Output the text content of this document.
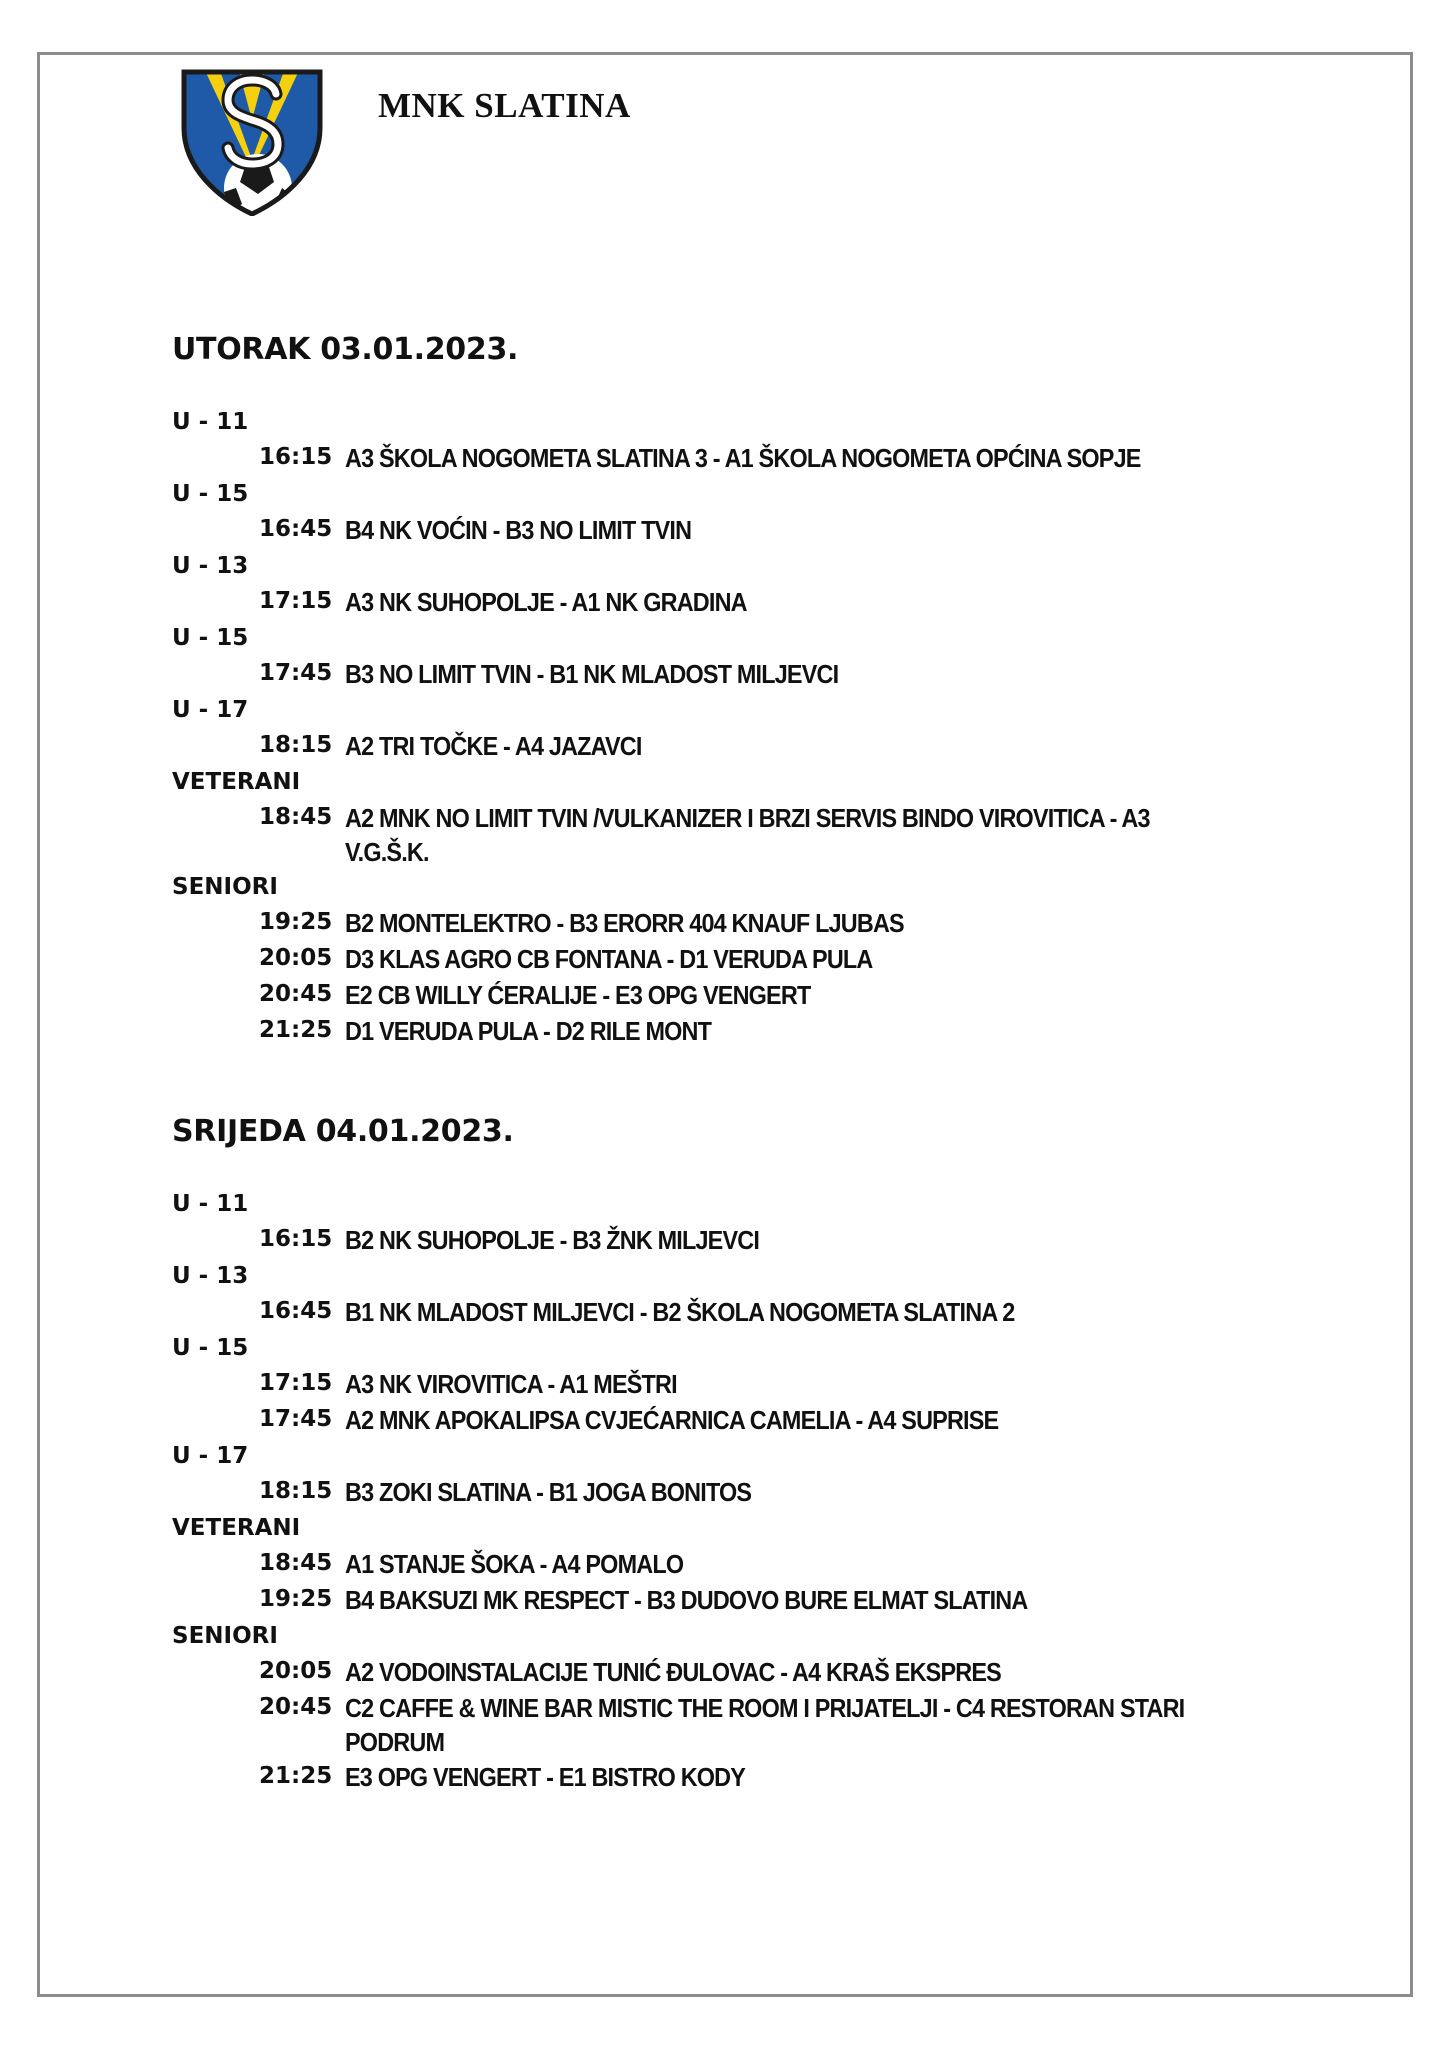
MNK SLATINA
UTORAK 03.01.2023.
U - 11
16:15 A3 ŠKOLA NOGOMETA SLATINA 3 - A1 ŠKOLA NOGOMETA OPĆINA SOPJE
U - 15
16:45 B4 NK VOĆIN - B3 NO LIMIT TVIN
U - 13
17:15 A3 NK SUHOPOLJE - A1 NK GRADINA
U - 15
17:45 B3 NO LIMIT TVIN - B1 NK MLADOST MILJEVCI
U - 17
18:15 A2 TRI TOČKE - A4 JAZAVCI
VETERANI
18:45 A2 MNK NO LIMIT TVIN /VULKANIZER I BRZI SERVIS BINDO VIROVITICA - A3 V.G.Š.K.
SENIORI
19:25 B2 MONTELEKTRO - B3 ERORR 404 KNAUF LJUBAS
20:05 D3 KLAS AGRO CB FONTANA - D1 VERUDA PULA
20:45 E2 CB WILLY ĆERALIJE - E3 OPG VENGERT
21:25 D1 VERUDA PULA - D2 RILE MONT
SRIJEDA 04.01.2023.
U - 11
16:15 B2 NK SUHOPOLJE - B3 ŽNK MILJEVCI
U - 13
16:45 B1 NK MLADOST MILJEVCI - B2 ŠKOLA NOGOMETA SLATINA 2
U - 15
17:15 A3 NK VIROVITICA - A1 MEŠTRI
17:45 A2 MNK APOKALIPSA CVJEĆARNICA CAMELIA - A4 SUPRISE
U - 17
18:15 B3 ZOKI SLATINA - B1 JOGA BONITOS
VETERANI
18:45 A1 STANJE ŠOKA - A4 POMALO
19:25 B4 BAKSUZI MK RESPECT - B3 DUDOVO BURE ELMAT SLATINA
SENIORI
20:05 A2 VODOINSTALACIJE TUNIĆ ĐULOVAC - A4 KRAŠ EKSPRES
20:45 C2 CAFFE & WINE BAR MISTIC THE ROOM I PRIJATELJI - C4 RESTORAN STARI PODRUM
21:25 E3 OPG VENGERT - E1 BISTRO KODY
